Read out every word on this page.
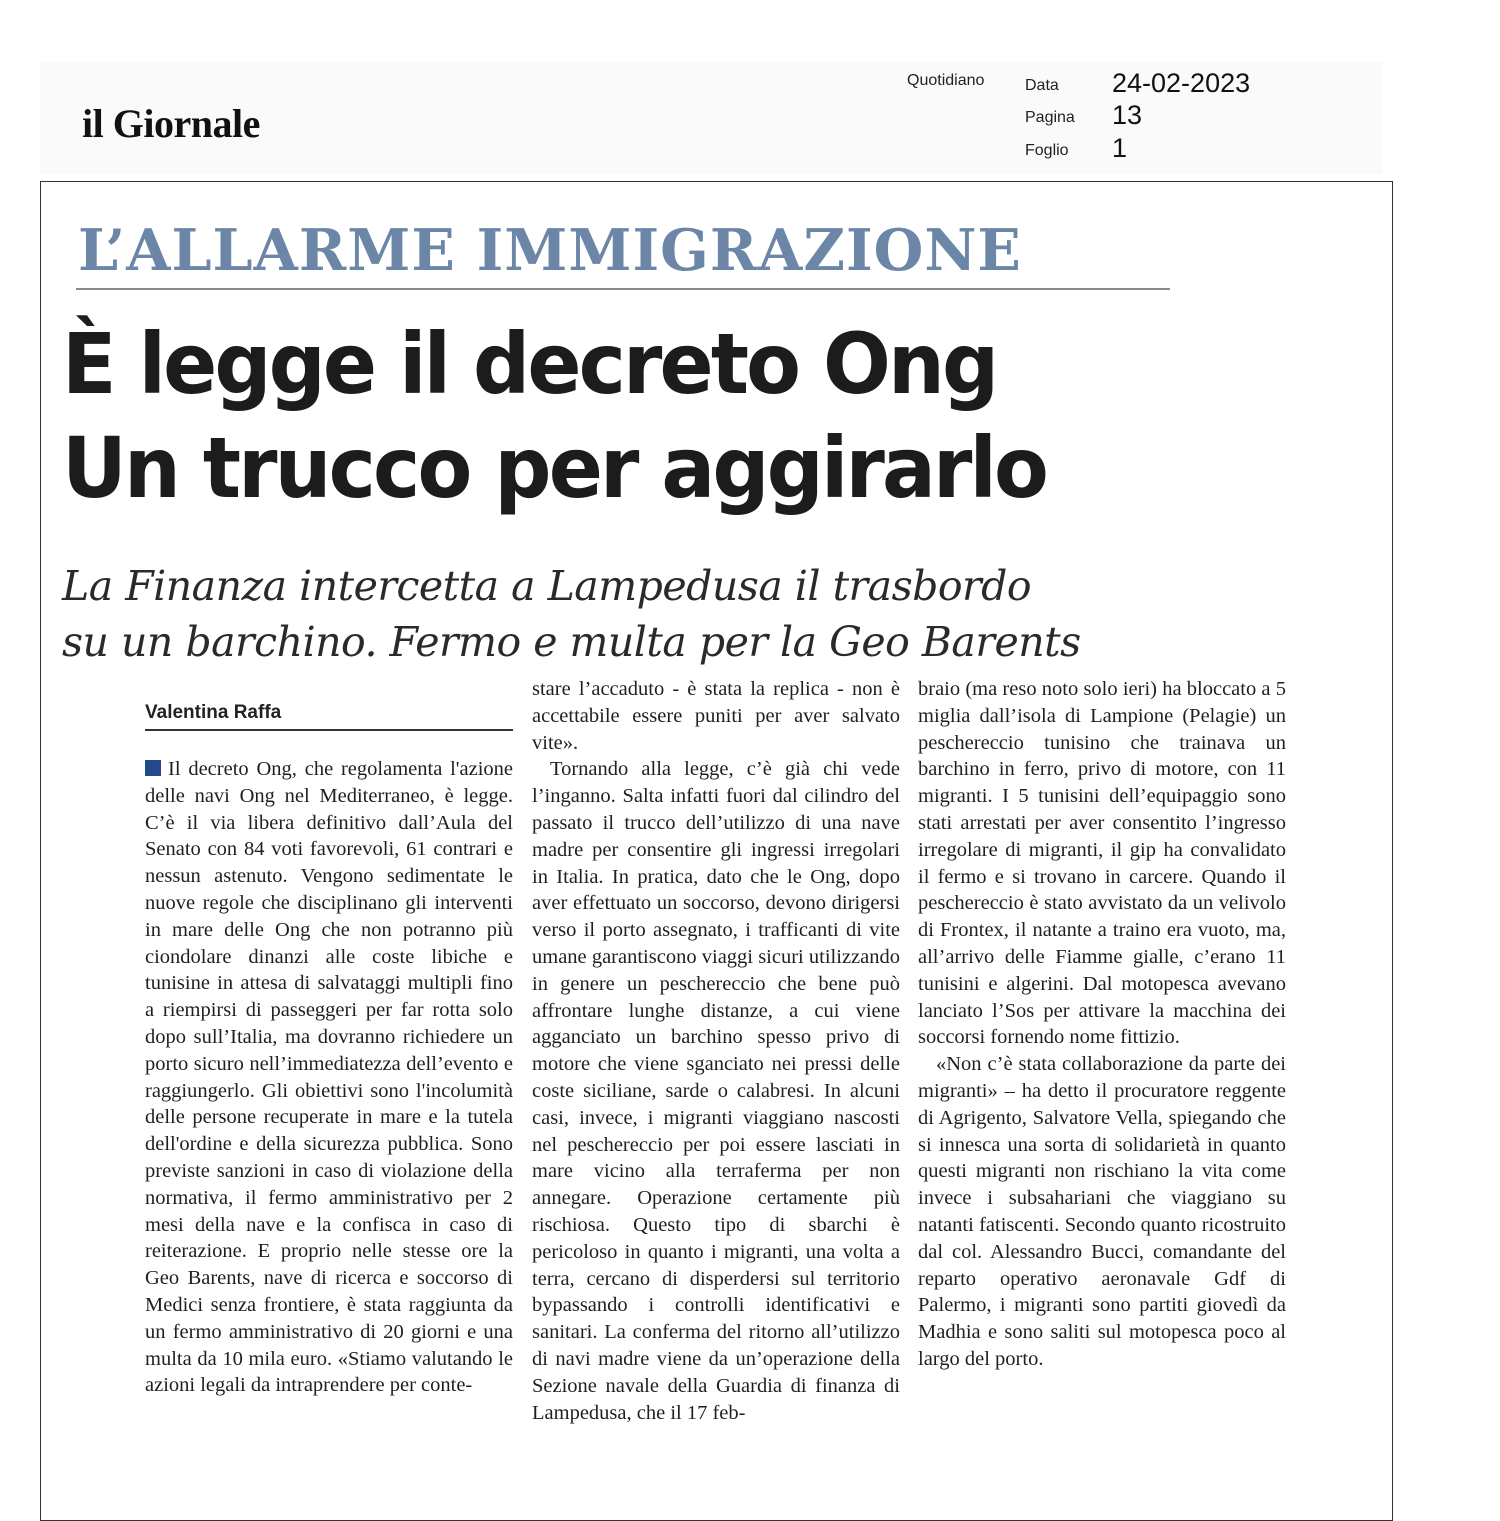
il Giornale
Quotidiano	Data 24-02-2023
Pagina 13
Foglio 1
L’ALLARME IMMIGRAZIONE
È legge il decreto Ong
Un trucco per aggirarlo
La Finanza intercetta a Lampedusa il trasbordo
su un barchino. Fermo e multa per la Geo Barents
Valentina Raffa

Il decreto Ong, che regolamenta l'azione delle navi Ong nel Mediterraneo, è legge. C’è il via libera definitivo dall’Aula del Senato con 84 voti favorevoli, 61 contrari e nessun astenuto. Vengono sedimentate le nuove regole che disciplinano gli interventi in mare delle Ong che non potranno più ciondolare dinanzi alle coste libiche e tunisine in attesa di salvataggi multipli fino a riempirsi di passeggeri per far rotta solo dopo sull’Italia, ma dovranno richiedere un porto sicuro nell’immediatezza dell’evento e raggiungerlo. Gli obiettivi sono l'incolumità delle persone recuperate in mare e la tutela dell'ordine e della sicurezza pubblica. Sono previste sanzioni in caso di violazione della normativa, il fermo amministrativo per 2 mesi della nave e la confisca in caso di reiterazione. E proprio nelle stesse ore la Geo Barents, nave di ricerca e soccorso di Medici senza frontiere, è stata raggiunta da un fermo amministrativo di 20 giorni e una multa da 10 mila euro. «Stiamo valutando le azioni legali da intraprendere per conte-

stare l’accaduto - è stata la replica - non è accettabile essere puniti per aver salvato vite».

Tornando alla legge, c’è già chi vede l’inganno. Salta infatti fuori dal cilindro del passato il trucco dell’utilizzo di una nave madre per consentire gli ingressi irregolari in Italia. In pratica, dato che le Ong, dopo aver effettuato un soccorso, devono dirigersi verso il porto assegnato, i trafficanti di vite umane garantiscono viaggi sicuri utilizzando in genere un peschereccio che bene può affrontare lunghe distanze, a cui viene agganciato un barchino spesso privo di motore che viene sganciato nei pressi delle coste siciliane, sarde o calabresi. In alcuni casi, invece, i migranti viaggiano nascosti nel peschereccio per poi essere lasciati in mare vicino alla terraferma per non annegare. Operazione certamente più rischiosa. Questo tipo di sbarchi è pericoloso in quanto i migranti, una volta a terra, cercano di disperdersi sul territorio bypassando i controlli identificativi e sanitari. La conferma del ritorno all’utilizzo di navi madre viene da un’operazione della Sezione navale della Guardia di finanza di Lampedusa, che il 17 feb-

braio (ma reso noto solo ieri) ha bloccato a 5 miglia dall’isola di Lampione (Pelagie) un peschereccio tunisino che trainava un barchino in ferro, privo di motore, con 11 migranti. I 5 tunisini dell’equipaggio sono stati arrestati per aver consentito l’ingresso irregolare di migranti, il gip ha convalidato il fermo e si trovano in carcere. Quando il peschereccio è stato avvistato da un velivolo di Frontex, il natante a traino era vuoto, ma, all’arrivo delle Fiamme gialle, c’erano 11 tunisini e algerini. Dal motopesca avevano lanciato l’Sos per attivare la macchina dei soccorsi fornendo nome fittizio.

«Non c’è stata collaborazione da parte dei migranti» – ha detto il procuratore reggente di Agrigento, Salvatore Vella, spiegando che si innesca una sorta di solidarietà in quanto questi migranti non rischiano la vita come invece i subsahariani che viaggiano su natanti fatiscenti. Secondo quanto ricostruito dal col. Alessandro Bucci, comandante del reparto operativo aeronavale Gdf di Palermo, i migranti sono partiti giovedì da Madhia e sono saliti sul motopesca poco al largo del porto.
